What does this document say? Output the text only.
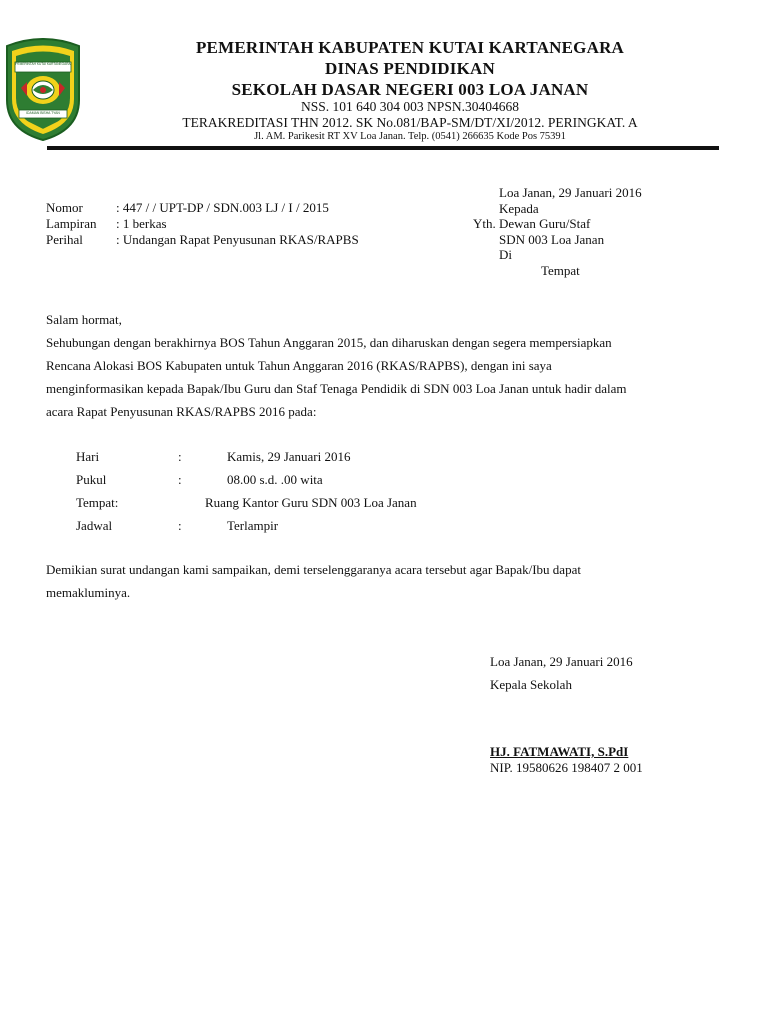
PEMERINTAH KUTAI KARTANEGARA
IDAMAN BISHA TYAN
PEMERINTAH KABUPATEN KUTAI KARTANEGARA
DINAS PENDIDIKAN
SEKOLAH DASAR NEGERI 003 LOA JANAN
NSS. 101 640 304 003 NPSN.30404668
TERAKREDITASI THN 2012. SK No.081/BAP-SM/DT/XI/2012. PERINGKAT. A
Jl. AM. Parikesit RT XV Loa Janan. Telp. (0541) 266635 Kode Pos 75391
Nomor	: 447 / / UPT-DP / SDN.003 LJ / I / 2015
Lampiran : 1 berkas
Perihal	: Undangan Rapat Penyusunan RKAS/RAPBS
Loa Janan, 29 Januari 2016
Kepada
Yth. Dewan Guru/Staf
SDN 003 Loa Janan
Di
Tempat
Salam hormat,
Sehubungan dengan berakhirnya BOS Tahun Anggaran 2015, dan diharuskan dengan segera mempersiapkan
Rencana Alokasi BOS Kabupaten untuk Tahun Anggaran 2016 (RKAS/RAPBS), dengan ini saya
menginformasikan kepada Bapak/Ibu Guru dan Staf Tenaga Pendidik di SDN 003 Loa Janan untuk hadir dalam
acara Rapat Penyusunan RKAS/RAPBS 2016 pada:
Hari	:	Kamis, 29 Januari 2016
Pukul	:	08.00 s.d. .00 wita
Tempat:	Ruang Kantor Guru SDN 003 Loa Janan
Jadwal	:	Terlampir
Demikian surat undangan kami sampaikan, demi terselenggaranya acara tersebut agar Bapak/Ibu dapat
memakluminya.
Loa Janan, 29 Januari 2016
Kepala Sekolah
HJ. FATMAWATI, S.PdI
NIP. 19580626 198407 2 001
